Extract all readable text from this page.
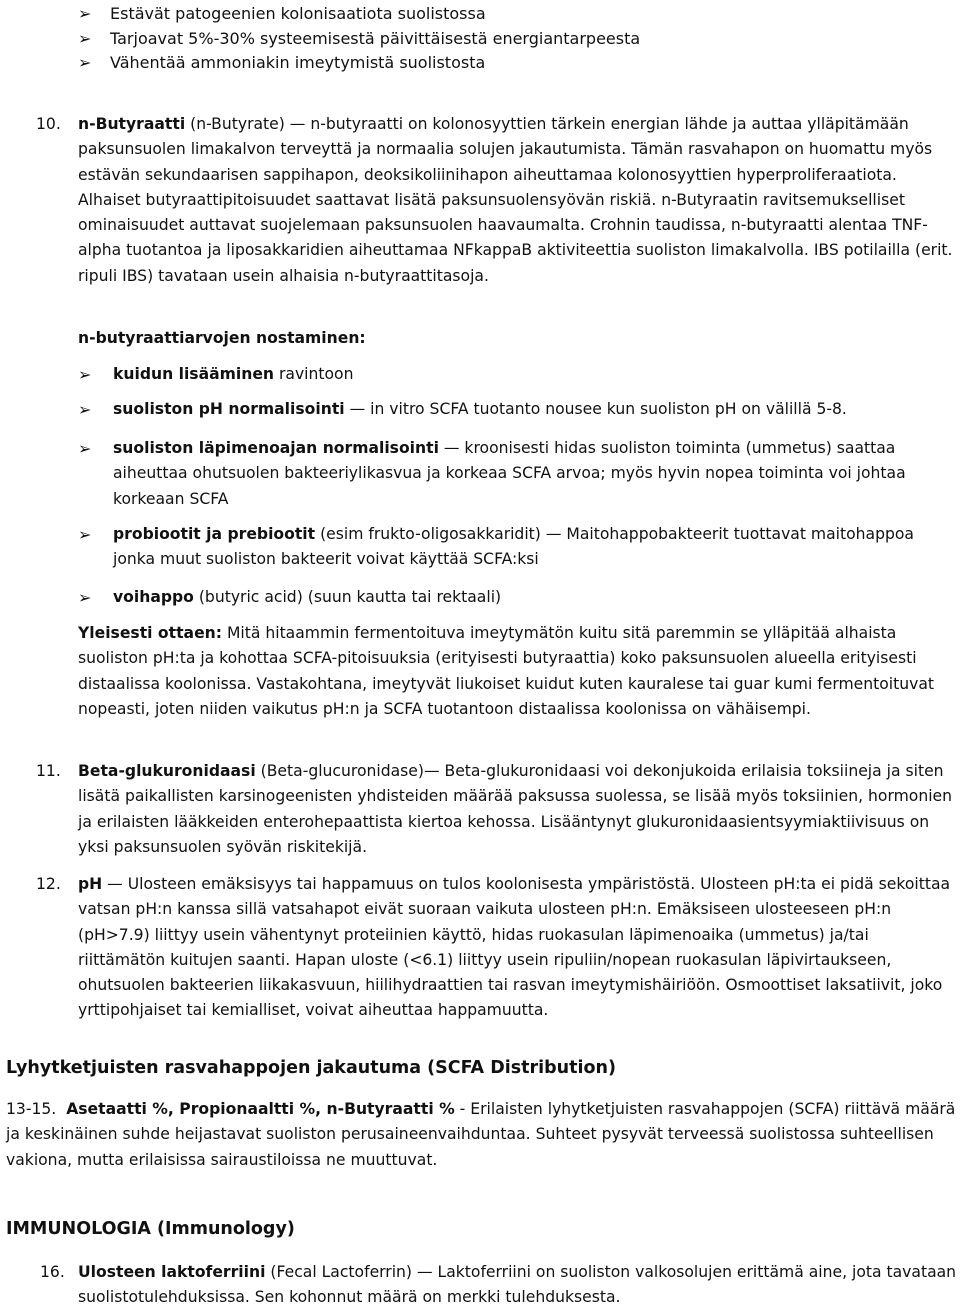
➢ Estävät patogeenien kolonisaatiota suolistossa
➢ Tarjoavat 5%-30% systeemisestä päivittäisestä energiantarpeesta
➢ Vähentää ammoniakin imeytymistä suolistosta
10. n-Butyraatti (n-Butyrate) — n-butyraatti on kolonosyyttien tärkein energian lähde ja auttaa ylläpitämään paksunsuolen limakalvon terveyttä ja normaalia solujen jakautumista. Tämän rasvahapon on huomattu myös estävän sekundaarisen sappihapon, deoksikoliinihapon aiheuttamaa kolonosyyttien hyperproliferaatiota. Alhaiset butyraattipitoisuudet saattavat lisätä paksunsuolensyövän riskiä. n-Butyraatin ravitsemukselliset ominaisuudet auttavat suojelemaan paksunsuolen haavaumalta. Crohnin taudissa, n-butyraatti alentaa TNF-alpha tuotantoa ja liposakkaridien aiheuttamaa NFkappaB aktiviteettia suoliston limakalvolla. IBS potilailla (erit. ripuli IBS) tavataan usein alhaisia n-butyraattitasoja.
n-butyraattiarvojen nostaminen:
➢ kuidun lisääminen ravintoon
➢ suoliston pH normalisointi — in vitro SCFA tuotanto nousee kun suoliston pH on välillä 5-8.
➢ suoliston läpimenoajan normalisointi — kroonisesti hidas suoliston toiminta (ummetus) saattaa aiheuttaa ohutsuolen bakteeriylikasvua ja korkeaa SCFA arvoa; myös hyvin nopea toiminta voi johtaa korkeaan SCFA
➢ probiootit ja prebiootit (esim frukto-oligosakkaridit) — Maitohappobakteerit tuottavat maitohappoa jonka muut suoliston bakteerit voivat käyttää SCFA:ksi
➢ voihappo (butyric acid) (suun kautta tai rektaali)
Yleisesti ottaen: Mitä hitaammin fermentoituva imeytymätön kuitu sitä paremmin se ylläpitää alhaista suoliston pH:ta ja kohottaa SCFA-pitoisuuksia (erityisesti butyraattia) koko paksunsuolen alueella erityisesti distaalissa koolonissa. Vastakohtana, imeytyvät liukoiset kuidut kuten kauralese tai guar kumi fermentoituvat nopeasti, joten niiden vaikutus pH:n ja SCFA tuotantoon distaalissa koolonissa on vähäisempi.
11. Beta-glukuronidaasi (Beta-glucuronidase)— Beta-glukuronidaasi voi dekonjukoida erilaisia toksiineja ja siten lisätä paikallisten karsinogeenisten yhdisteiden määrää paksussa suolessa, se lisää myös toksiinien, hormonien ja erilaisten lääkkeiden enterohepaattista kiertoa kehossa. Lisääntynyt glukuronidaasientsyymiaktiivisuus on yksi paksunsuolen syövän riskitekijä.
12. pH — Ulosteen emäksisyys tai happamuus on tulos koolonisesta ympäristöstä. Ulosteen pH:ta ei pidä sekoittaa vatsan pH:n kanssa sillä vatsahapot eivät suoraan vaikuta ulosteen pH:n. Emäksiseen ulosteeseen pH:n (pH>7.9) liittyy usein vähentynyt proteiinien käyttö, hidas ruokasulan läpimenoaika (ummetus) ja/tai riittämätön kuitujen saanti. Hapan uloste (<6.1) liittyy usein ripuliin/nopean ruokasulan läpivirtaukseen, ohutsuolen bakteerien liikakasvuun, hiilihydraattien tai rasvan imeytymishäiriöön. Osmoottiset laksatiivit, joko yrttipohjaiset tai kemialliset, voivat aiheuttaa happamuutta.
Lyhytketjuisten rasvahappojen jakautuma (SCFA Distribution)
13-15. Asetaatti %, Propionaaltti %, n-Butyraatti % - Erilaisten lyhytketjuisten rasvahappojen (SCFA) riittävä määrä ja keskinäinen suhde heijastavat suoliston perusaineenvaihduntaa. Suhteet pysyvät terveessä suolistossa suhteellisen vakiona, mutta erilaisissa sairaustiloissa ne muuttuvat.
IMMUNOLOGIA (Immunology)
16. Ulosteen laktoferriini (Fecal Lactoferrin) — Laktoferriini on suoliston valkosolujen erittämä aine, jota tavataan suolistotulehduksissa. Sen kohonnut määrä on merkki tulehduksesta.
